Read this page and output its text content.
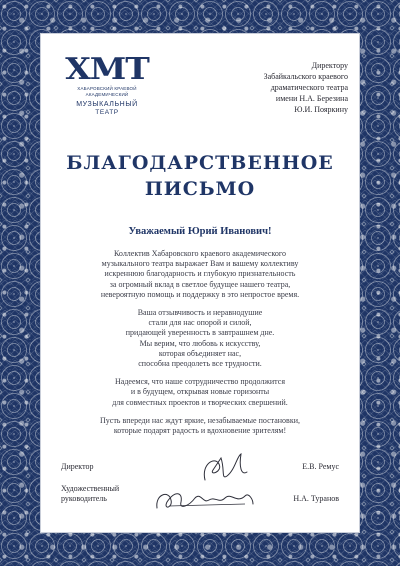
ХМТ
ХАБАРОВСКИЙ КРАЕВОЙ АКАДЕМИЧЕСКИЙ
МУЗЫКАЛЬНЫЙ
ТЕАТР
Директору
Забайкальского краевого
драматического театра
имени Н.А. Березина
Ю.И. Пояркину
БЛАГОДАРСТВЕННОЕ
ПИСЬМО
Уважаемый Юрий Иванович!

Коллектив Хабаровского краевого академического
музыкального театра выражает Вам и вашему коллективу
искреннюю благодарность и глубокую признательность
за огромный вклад в светлое будущее нашего театра,
невероятную помощь и поддержку в это непростое время.

Ваша отзывчивость и неравнодушие
стали для нас опорой и силой,
придающей уверенность в завтрашнем дне.
Мы верим, что любовь к искусству,
которая объединяет нас,
способна преодолеть все трудности.

Надеемся, что наше сотрудничество продолжится
и в будущем, открывая новые горизонты
для совместных проектов и творческих свершений.

Пусть впереди нас ждут яркие, незабываемые постановки,
которые подарят радость и вдохновение зрителям!

Директор	Е.В. Ремус
Художественный
руководитель	Н.А. Туранов
